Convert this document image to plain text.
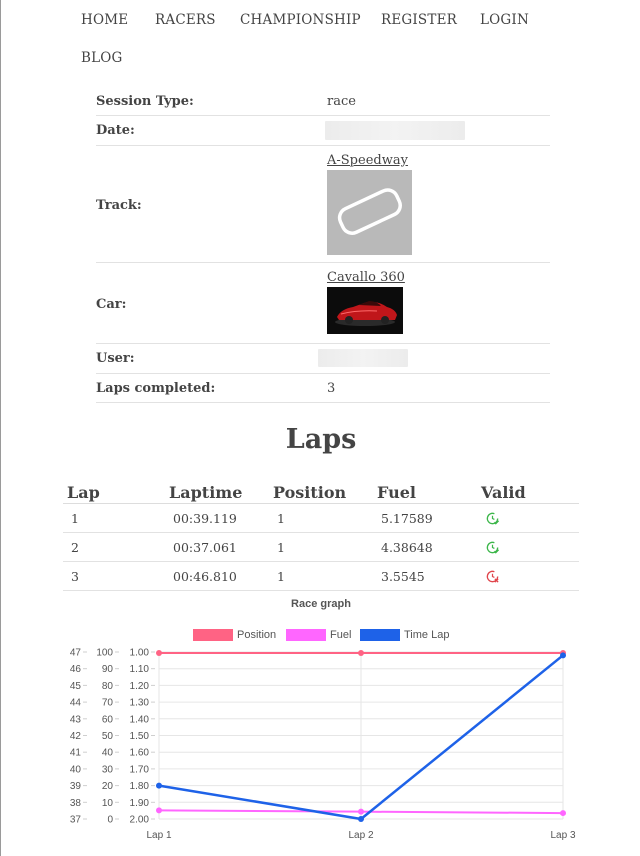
HOME RACERS CHAMPIONSHIP REGISTER LOGIN
BLOG
Session Type:	race
Date:
Track:
A-Speedway
Car:
Cavallo 360
User:
Laps completed:	3
Laps
Lap	Laptime	Position	Fuel	Valid
1	00:39.119	1	5.17589	
2	00:37.061	1	4.38648	
3	00:46.810	1	3.5545	
Race graph
Position	Fuel	Time Lap
47
46
45
44
43
42
41
40
39
38
37
100
90
80
70
60
50
40
30
20
10
0
1.00
1.10
1.20
1.30
1.40
1.50
1.60
1.70
1.80
1.90
2.00
Lap 1	Lap 2	Lap 3
